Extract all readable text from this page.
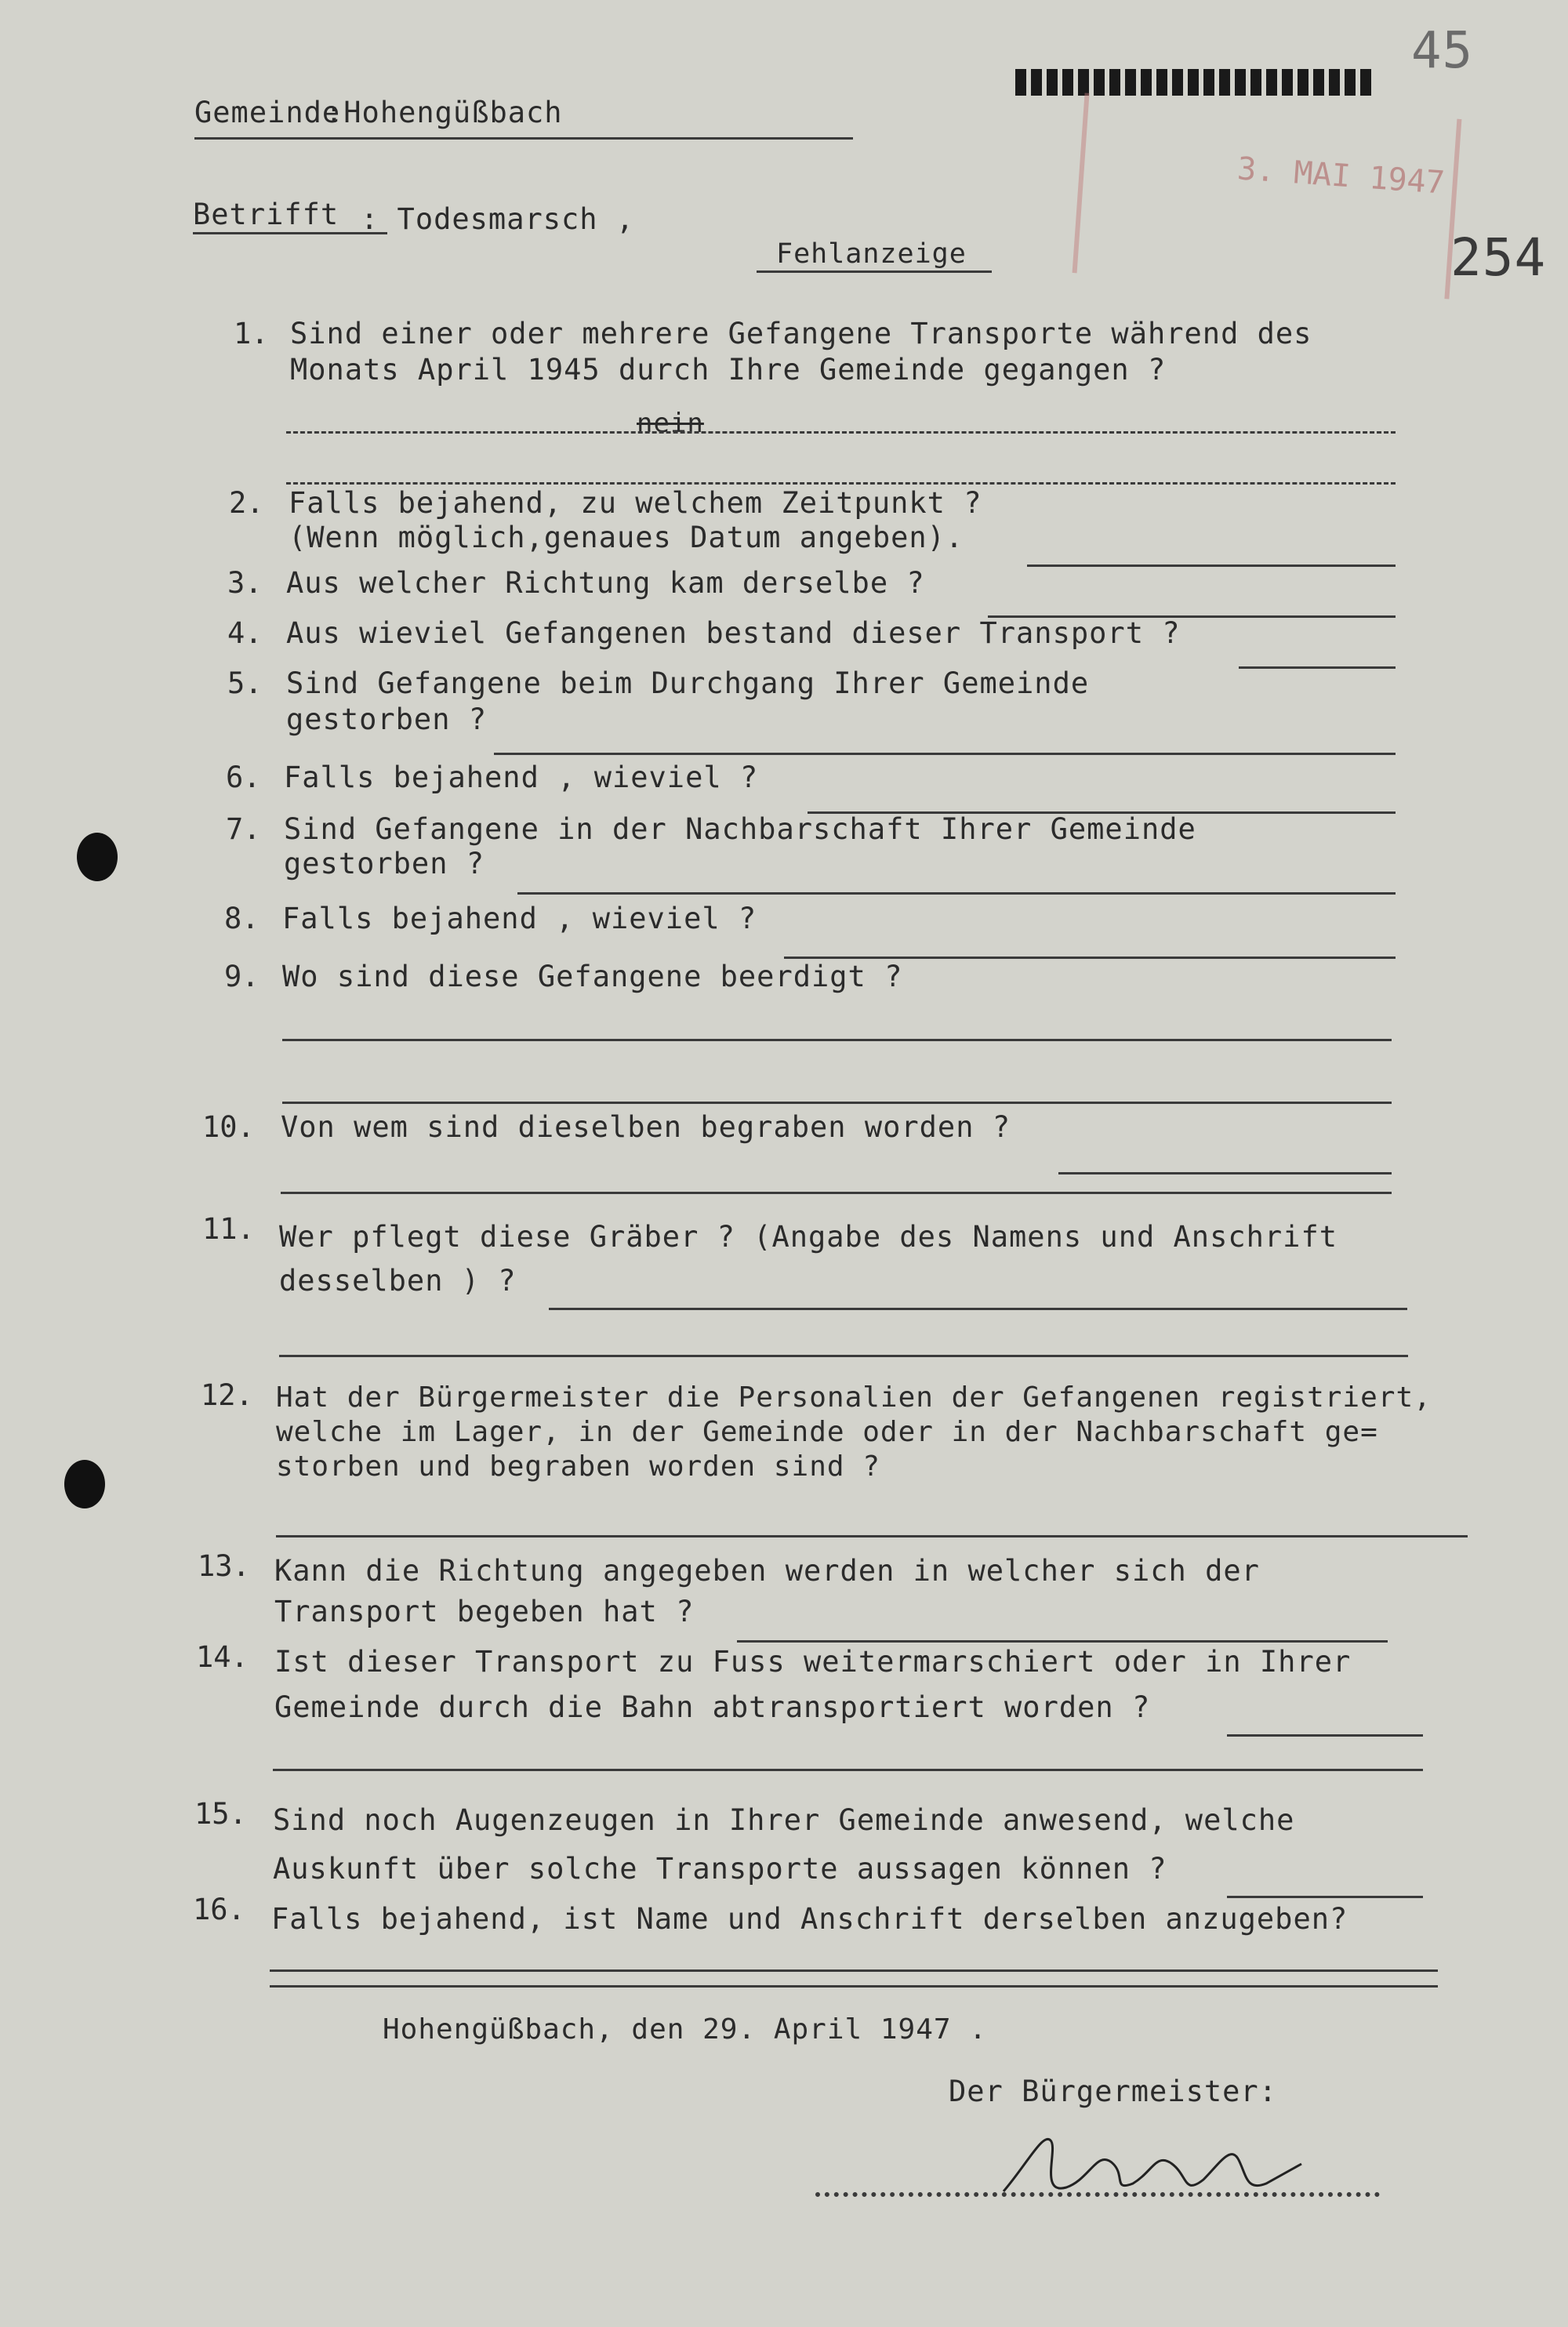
45
3. MAI 1947
254
Gemeinde
:Hohengüßbach
Betrifft : Todesmarsch ,
Fehlanzeige
1. Sind einer oder mehrere Gefangene Transporte während des
Monats April 1945 durch Ihre Gemeinde gegangen ?
nein
2. Falls bejahend, zu welchem Zeitpunkt ?
(Wenn möglich,genaues Datum angeben).
3. Aus welcher Richtung kam derselbe ?
4. Aus wieviel Gefangenen bestand dieser Transport ?
5. Sind Gefangene beim Durchgang Ihrer Gemeinde
gestorben ?
6. Falls bejahend , wieviel ?
7. Sind Gefangene in der Nachbarschaft Ihrer Gemeinde
gestorben ?
8. Falls bejahend , wieviel ?
9. Wo sind diese Gefangene beerdigt ?
10. Von wem sind dieselben begraben worden ?
11. Wer pflegt diese Gräber ? (Angabe des Namens und Anschrift
desselben ) ?
12. Hat der Bürgermeister die Personalien der Gefangenen registriert,
welche im Lager, in der Gemeinde oder in der Nachbarschaft ge=
storben und begraben worden sind ?
13. Kann die Richtung angegeben werden in welcher sich der
Transport begeben hat ?
14. Ist dieser Transport zu Fuss weitermarschiert oder in Ihrer
Gemeinde durch die Bahn abtransportiert worden ?
15. Sind noch Augenzeugen in Ihrer Gemeinde anwesend, welche
Auskunft über solche Transporte aussagen können ?
16. Falls bejahend, ist Name und Anschrift derselben anzugeben?
Hohengüßbach, den 29. April 1947 .
Der Bürgermeister:
